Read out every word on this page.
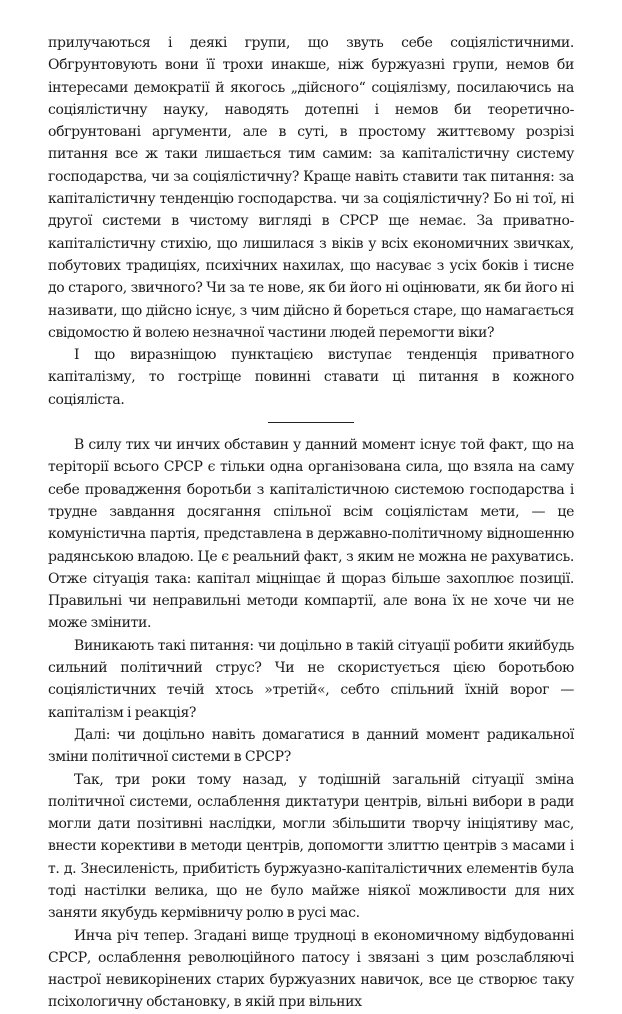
прилучаються і деякі групи, що звуть себе соціялістичними. Обгрунтовують вони її трохи инакше, ніж буржуазні групи, немов би інтересами демократії й якогось „дійсного“ соціялізму, посилаючись на соціялістичну науку, наводять дотепні і немов би теоретично-обгрунтовані аргументи, але в суті, в простому життєвому розрізі питання все ж таки лишається тим самим: за капіталістичну систему господарства, чи за соціялістичну? Краще навіть ставити так питання: за капіталістичну тенденцію господарства. чи за соціялістичну? Бо ні тої, ні другої системи в чистому вигляді в СРСР ще немає. За приватно-капіталістичну стихію, що лишилася з віків у всіх економичних звичках, побутових традиціях, психічних нахилах, що насуває з усіх боків і тисне до старого, звичного? Чи за те нове, як би його ні оцінювати, як би його ні називати, що дійсно існує, з чим дійсно й бореться старе, що намагається свідомостю й волею незначної частини людей перемогти віки?

І що виразніщою пунктацією виступає тенденція приватного капіталізму, то гостріще повинні ставати ці питання в кожного соціяліста.

В силу тих чи инчих обставин у данний момент існує той факт, що на теріторії всього СРСР є тільки одна організована сила, що взяла на саму себе провадження боротьби з капіталістичною системою господарства і трудне завдання досягання спільної всім соціялістам мети, — це комуністична партія, представлена в державно-політичному відношенню радянською владою. Це є реальний факт, з яким не можна не рахуватись. Отже сітуація така: капітал міцніщає й щораз більше захоплює позиції. Правильні чи неправильні методи компартії, але вона їх не хоче чи не може змінити.

Виникають такі питання: чи доцільно в такій сітуації робити якийбудь сильний політичний струс? Чи не скористується цією боротьбою соціялістичних течій хтось »третій«, себто спільний їхній ворог — капіталізм і реакція?

Далі: чи доцільно навіть домагатися в данний момент радикальної зміни політичної системи в СРСР?

Так, три роки тому назад, у тодішній загальній сітуації зміна політичної системи, ослаблення диктатури центрів, вільні вибори в ради могли дати позітивні наслідки, могли збільшити творчу ініціятиву мас, внести корективи в методи центрів, допомогти злиттю центрів з масами і т. д. Знесиленість, прибитість буржуазно-капіталістичних елементів була тоді настілки велика, що не було майже ніякої можливости для них заняти якубудь кермівничу ролю в русі мас.

Инча річ тепер. Згадані вище трудноці в економичному відбудованні СРСР, ослаблення революційного патосу і звязані з цим розслабляючі настрої невикорінених старих буржуазних навичок, все це створює таку псіхологичну обстановку, в якій при вільних
